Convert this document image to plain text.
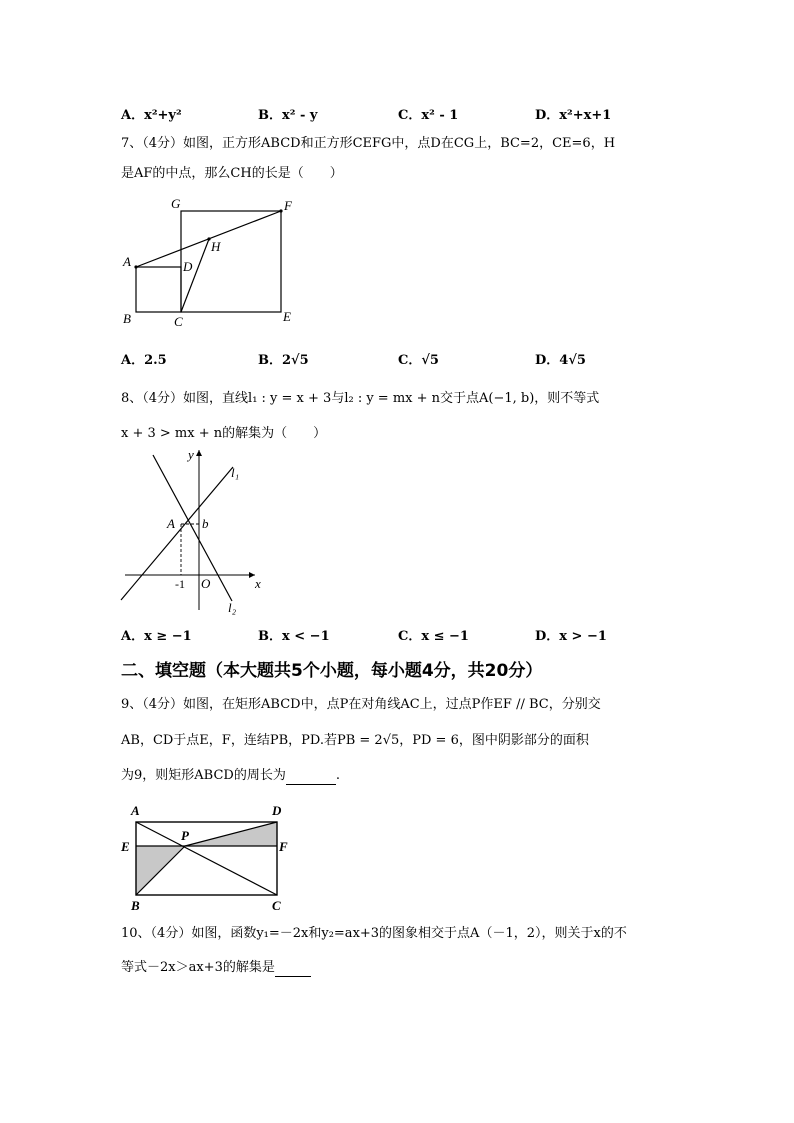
A．x²+y²	B．x² - y	C．x² - 1	D．x²+x+1
7、（4分）如图，正方形ABCD和正方形CEFG中，点D在CG上，BC=2，CE=6，H
是AF的中点，那么CH的长是（　　）
G	F
A	D
H
B	C	E
A．2.5	B．2√5	C．√5	D．4√5
8、（4分）如图，直线l₁ : y = x + 3与l₂ : y = mx + n交于点A(−1, b)，则不等式
x + 3 > mx + n的解集为（　　）
y
l₁
l₂
A b
-1 O	x
A．x ≥ −1	B．x < −1	C．x ≤ −1	D．x > −1
二、填空题（本大题共5个小题，每小题4分，共20分）
9、（4分）如图，在矩形ABCD中，点P在对角线AC上，过点P作EF // BC，分别交
AB，CD于点E，F，连结PB，PD.若PB = 2√5，PD = 6，图中阴影部分的面积
为9，则矩形ABCD的周长为	.
A	D
E
P
F
B	C
10、（4分）如图，函数y₁=－2x和y₂=ax+3的图象相交于点A（－1，2），则关于x的不
等式－2x＞ax+3的解集是
